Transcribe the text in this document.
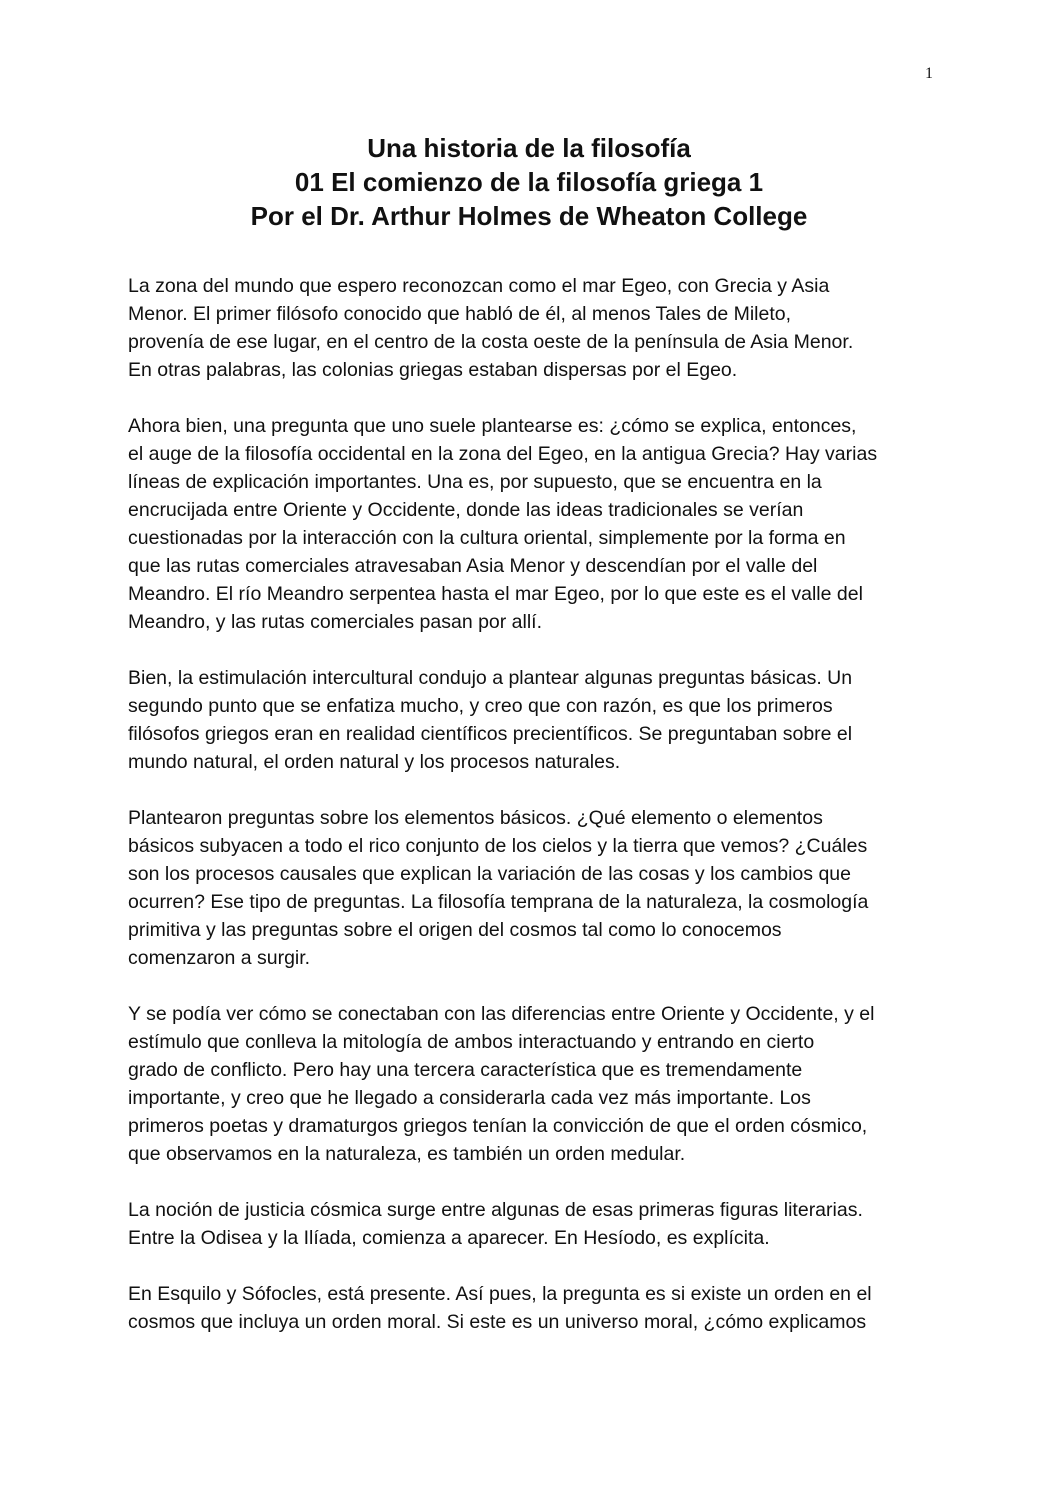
1
Una historia de la filosofía
01 El comienzo de la filosofía griega 1
Por el Dr. Arthur Holmes de Wheaton College

La zona del mundo que espero reconozcan como el mar Egeo, con Grecia y Asia
Menor. El primer filósofo conocido que habló de él, al menos Tales de Mileto,
provenía de ese lugar, en el centro de la costa oeste de la península de Asia Menor.
En otras palabras, las colonias griegas estaban dispersas por el Egeo.

Ahora bien, una pregunta que uno suele plantearse es: ¿cómo se explica, entonces,
el auge de la filosofía occidental en la zona del Egeo, en la antigua Grecia? Hay varias
líneas de explicación importantes. Una es, por supuesto, que se encuentra en la
encrucijada entre Oriente y Occidente, donde las ideas tradicionales se verían
cuestionadas por la interacción con la cultura oriental, simplemente por la forma en
que las rutas comerciales atravesaban Asia Menor y descendían por el valle del
Meandro. El río Meandro serpentea hasta el mar Egeo, por lo que este es el valle del
Meandro, y las rutas comerciales pasan por allí.

Bien, la estimulación intercultural condujo a plantear algunas preguntas básicas. Un
segundo punto que se enfatiza mucho, y creo que con razón, es que los primeros
filósofos griegos eran en realidad científicos precientíficos. Se preguntaban sobre el
mundo natural, el orden natural y los procesos naturales.

Plantearon preguntas sobre los elementos básicos. ¿Qué elemento o elementos
básicos subyacen a todo el rico conjunto de los cielos y la tierra que vemos? ¿Cuáles
son los procesos causales que explican la variación de las cosas y los cambios que
ocurren? Ese tipo de preguntas. La filosofía temprana de la naturaleza, la cosmología
primitiva y las preguntas sobre el origen del cosmos tal como lo conocemos
comenzaron a surgir.

Y se podía ver cómo se conectaban con las diferencias entre Oriente y Occidente, y el
estímulo que conlleva la mitología de ambos interactuando y entrando en cierto
grado de conflicto. Pero hay una tercera característica que es tremendamente
importante, y creo que he llegado a considerarla cada vez más importante. Los
primeros poetas y dramaturgos griegos tenían la convicción de que el orden cósmico,
que observamos en la naturaleza, es también un orden medular.

La noción de justicia cósmica surge entre algunas de esas primeras figuras literarias.
Entre la Odisea y la Ilíada, comienza a aparecer. En Hesíodo, es explícita.

En Esquilo y Sófocles, está presente. Así pues, la pregunta es si existe un orden en el
cosmos que incluya un orden moral. Si este es un universo moral, ¿cómo explicamos
